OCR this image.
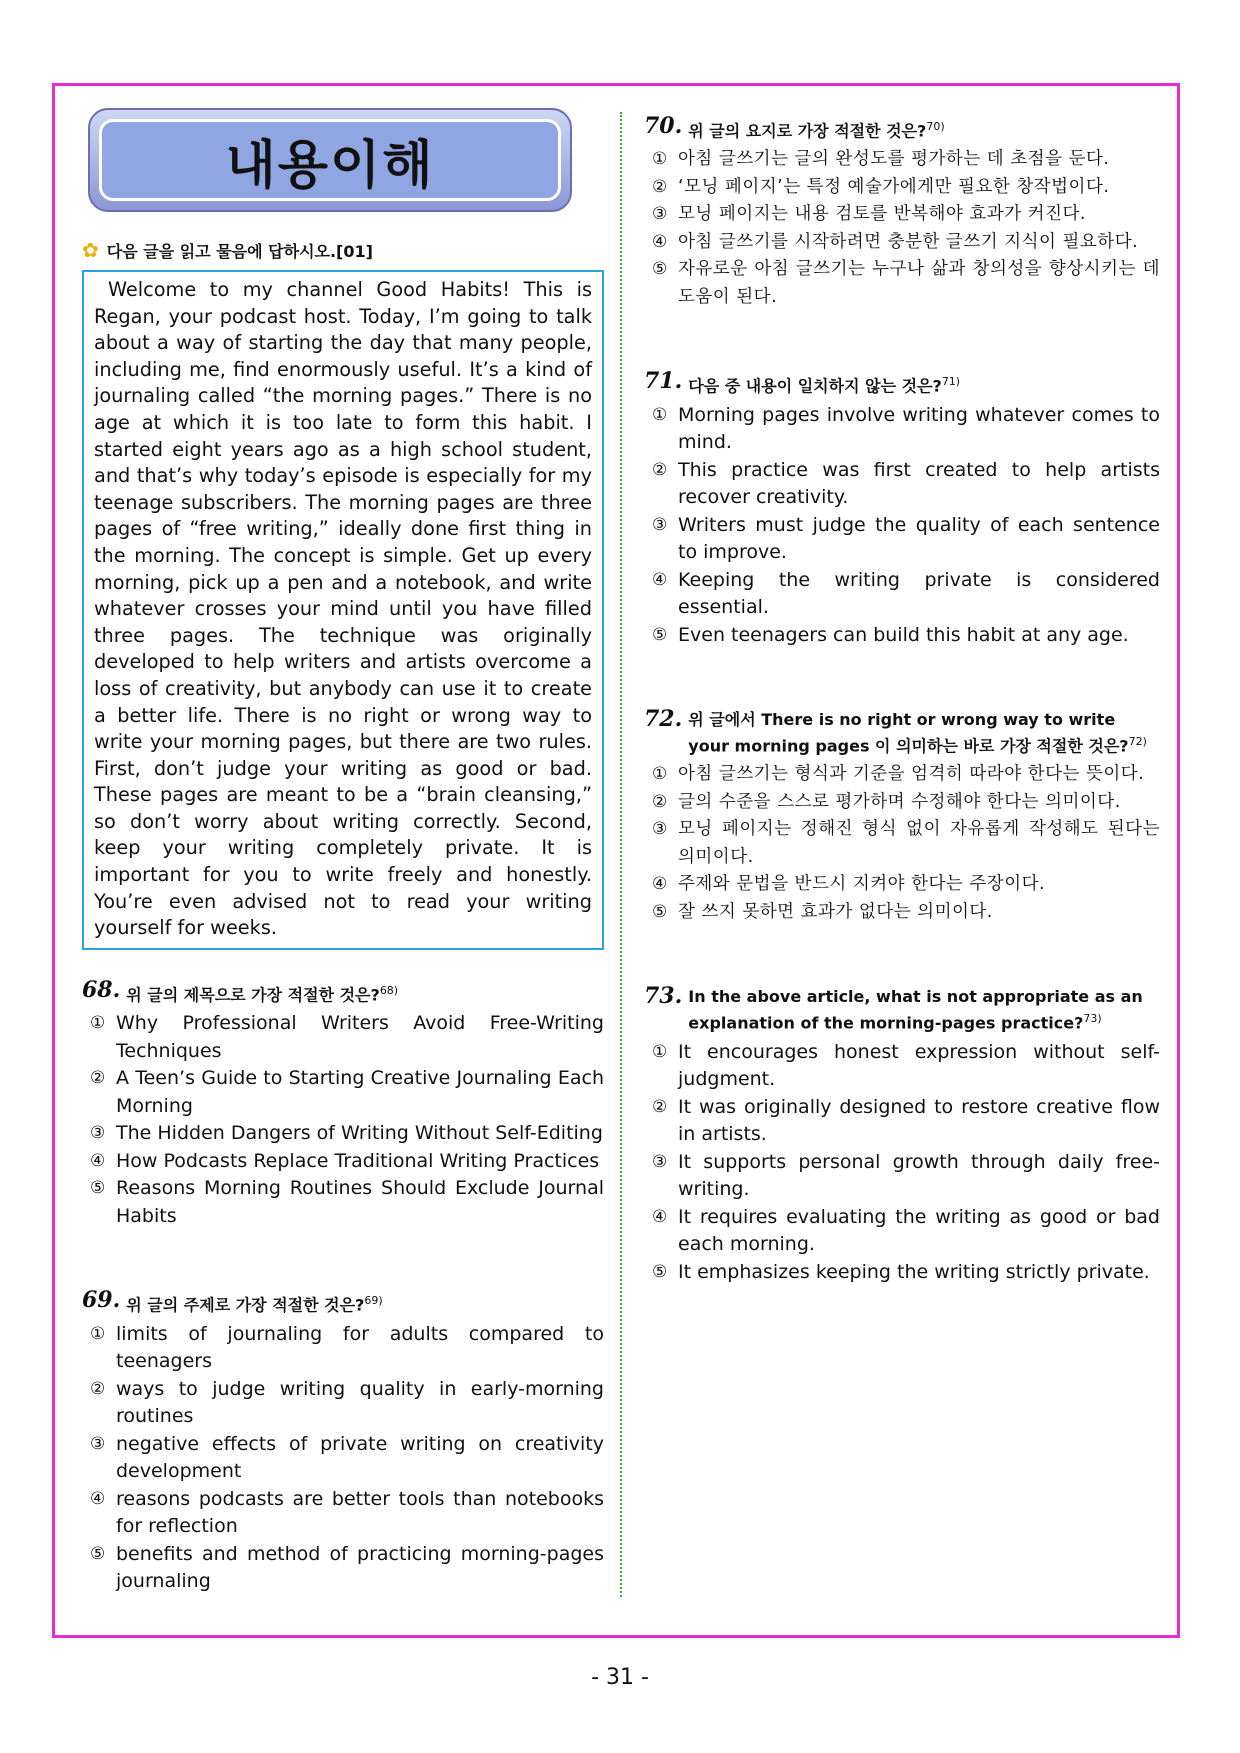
내용이해
✿ 다음 글을 읽고 물음에 답하시오.[01]
Welcome to my channel Good Habits! This is Regan, your podcast host. Today, I’m going to talk about a way of starting the day that many people, including me, find enormously useful. It’s a kind of journaling called “the morning pages.” There is no age at which it is too late to form this habit. I started eight years ago as a high school student, and that’s why today’s episode is especially for my teenage subscribers. The morning pages are three pages of “free writing,” ideally done first thing in the morning. The concept is simple. Get up every morning, pick up a pen and a notebook, and write whatever crosses your mind until you have filled three pages. The technique was originally developed to help writers and artists overcome a loss of creativity, but anybody can use it to create a better life. There is no right or wrong way to write your morning pages, but there are two rules. First, don’t judge your writing as good or bad. These pages are meant to be a “brain cleansing,” so don’t worry about writing correctly. Second, keep your writing completely private. It is important for you to write freely and honestly. You’re even advised not to read your writing yourself for weeks.
68. 위 글의 제목으로 가장 적절한 것은?$^{68)}$
① Why Professional Writers Avoid Free-Writing Techniques
② A Teen’s Guide to Starting Creative Journaling Each Morning
③ The Hidden Dangers of Writing Without Self-Editing
④ How Podcasts Replace Traditional Writing Practices
⑤ Reasons Morning Routines Should Exclude Journal Habits
69. 위 글의 주제로 가장 적절한 것은?$^{69)}$
① limits of journaling for adults compared to teenagers
② ways to judge writing quality in early-morning routines
③ negative effects of private writing on creativity development
④ reasons podcasts are better tools than notebooks for reflection
⑤ benefits and method of practicing morning-pages journaling
70. 위 글의 요지로 가장 적절한 것은?$^{70)}$
① 아침 글쓰기는 글의 완성도를 평가하는 데 초점을 둔다.
② ‘모닝 페이지’는 특정 예술가에게만 필요한 창작법이다.
③ 모닝 페이지는 내용 검토를 반복해야 효과가 커진다.
④ 아침 글쓰기를 시작하려면 충분한 글쓰기 지식이 필요하다.
⑤ 자유로운 아침 글쓰기는 누구나 삶과 창의성을 향상시키는 데 도움이 된다.
71. 다음 중 내용이 일치하지 않는 것은?$^{71)}$
① Morning pages involve writing whatever comes to mind.
② This practice was first created to help artists recover creativity.
③ Writers must judge the quality of each sentence to improve.
④ Keeping the writing private is considered essential.
⑤ Even teenagers can build this habit at any age.
72. 위 글에서 There is no right or wrong way to write your morning pages 이 의미하는 바로 가장 적절한 것은?$^{72)}$
① 아침 글쓰기는 형식과 기준을 엄격히 따라야 한다는 뜻이다.
② 글의 수준을 스스로 평가하며 수정해야 한다는 의미이다.
③ 모닝 페이지는 정해진 형식 없이 자유롭게 작성해도 된다는 의미이다.
④ 주제와 문법을 반드시 지켜야 한다는 주장이다.
⑤ 잘 쓰지 못하면 효과가 없다는 의미이다.
73. In the above article, what is not appropriate as an explanation of the morning-pages practice?$^{73)}$
① It encourages honest expression without self-judgment.
② It was originally designed to restore creative flow in artists.
③ It supports personal growth through daily free-writing.
④ It requires evaluating the writing as good or bad each morning.
⑤ It emphasizes keeping the writing strictly private.
- 31 -
